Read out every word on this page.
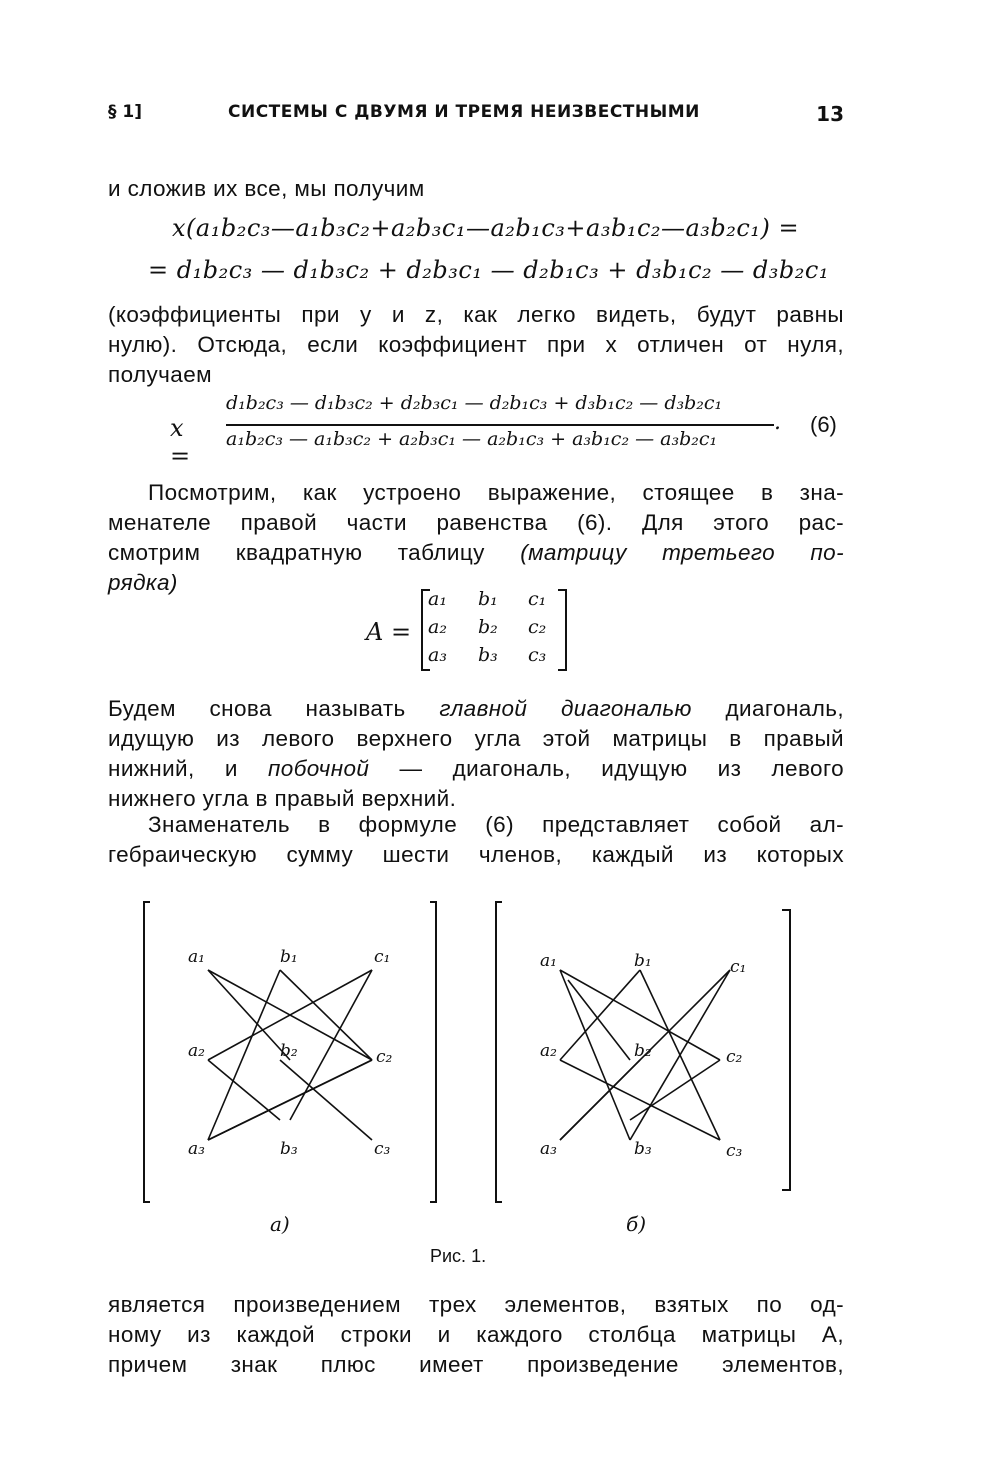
§ 1]	СИСТЕМЫ С ДВУМЯ И ТРЕМЯ НЕИЗВЕСТНЫМИ	13
и сложив их все, мы получим
x(a₁b₂c₃—a₁b₃c₂+a₂b₃c₁—a₂b₁c₃+a₃b₁c₂—a₃b₂c₁) =
= d₁b₂c₃ — d₁b₃c₂ + d₂b₃c₁ — d₂b₁c₃ + d₃b₁c₂ — d₃b₂c₁
(коэффициенты при y и z, как легко видеть, будут равны
нулю). Отсюда, если коэффициент при x отличен от нуля,
получаем
x =
d₁b₂c₃ — d₁b₃c₂ + d₂b₃c₁ — d₂b₁c₃ + d₃b₁c₂ — d₃b₂c₁
a₁b₂c₃ — a₁b₃c₂ + a₂b₃c₁ — a₂b₁c₃ + a₃b₁c₂ — a₃b₂c₁
. (6)
Посмотрим, как устроено выражение, стоящее в зна-
менателе правой части равенства (6). Для этого рас-
смотрим квадратную таблицу (матрицу третьего по-
рядка)
A =
a₁ b₁ c₁
a₂ b₂ c₂
a₃ b₃ c₃
Будем снова называть главной диагональю диагональ,
идущую из левого верхнего угла этой матрицы в правый
нижний, и побочной — диагональ, идущую из левого
нижнего угла в правый верхний.
Знаменатель в формуле (6) представляет собой ал-
гебраическую сумму шести членов, каждый из которых
a₁	b₁	c₁
a₂	b₂	c₂
a₃	b₃	c₃
a₁	b₁	c₁
a₂	b₂	c₂
a₃	b₃	c₃
а)	б)
Рис. 1.
является произведением трех элементов, взятых по од-
ному из каждой строки и каждого столбца матрицы A,
причем знак плюс имеет произведение элементов,
